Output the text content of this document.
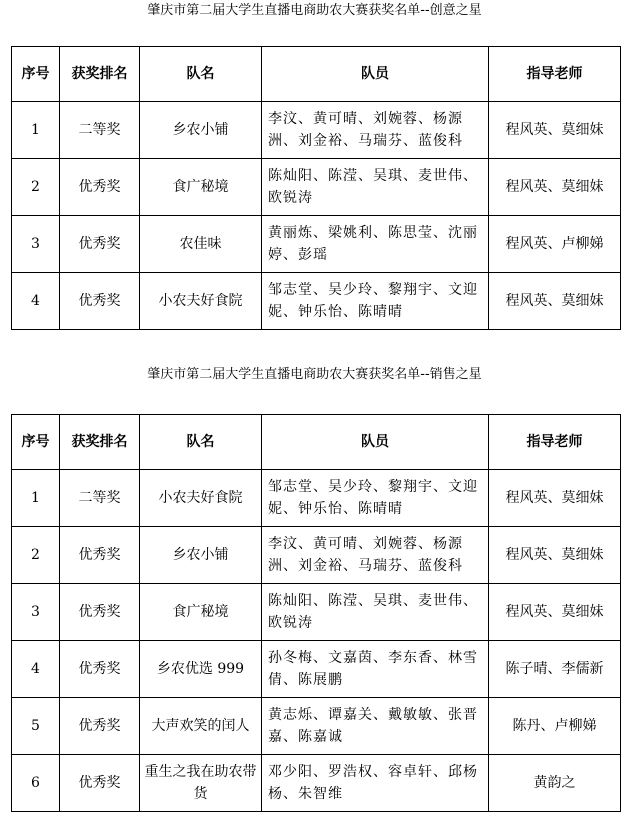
肇庆市第二届大学生直播电商助农大赛获奖名单--创意之星
序号	获奖排名	队名	队员	指导老师
1	二等奖	乡农小铺	李汶、黄可晴、刘婉蓉、杨源洲、刘金裕、马瑞芬、蓝俊科	程风英、莫细妹
2	优秀奖	食广秘境	陈灿阳、陈滢、吴琪、麦世伟、欧锐涛	程风英、莫细妹
3	优秀奖	农佳味	黄丽炼、梁姚利、陈思莹、沈丽婷、彭瑶	程风英、卢柳娣
4	优秀奖	小农夫好食院	邹志堂、吴少玲、黎翔宇、文迎妮、钟乐怡、陈晴晴	程风英、莫细妹
肇庆市第二届大学生直播电商助农大赛获奖名单--销售之星
序号	获奖排名	队名	队员	指导老师
1	二等奖	小农夫好食院	邹志堂、吴少玲、黎翔宇、文迎妮、钟乐怡、陈晴晴	程风英、莫细妹
2	优秀奖	乡农小铺	李汶、黄可晴、刘婉蓉、杨源洲、刘金裕、马瑞芬、蓝俊科	程风英、莫细妹
3	优秀奖	食广秘境	陈灿阳、陈滢、吴琪、麦世伟、欧锐涛	程风英、莫细妹
4	优秀奖	乡农优选 999	孙冬梅、文嘉茵、李东香、林雪倩、陈展鹏	陈子晴、李儒新
5	优秀奖	大声欢笑的闰人	黄志烁、谭嘉关、戴敏敏、张晋嘉、陈嘉诚	陈丹、卢柳娣
6	优秀奖	重生之我在助农带货	邓少阳、罗浩权、容卓轩、邱杨杨、朱智维	黄韵之
